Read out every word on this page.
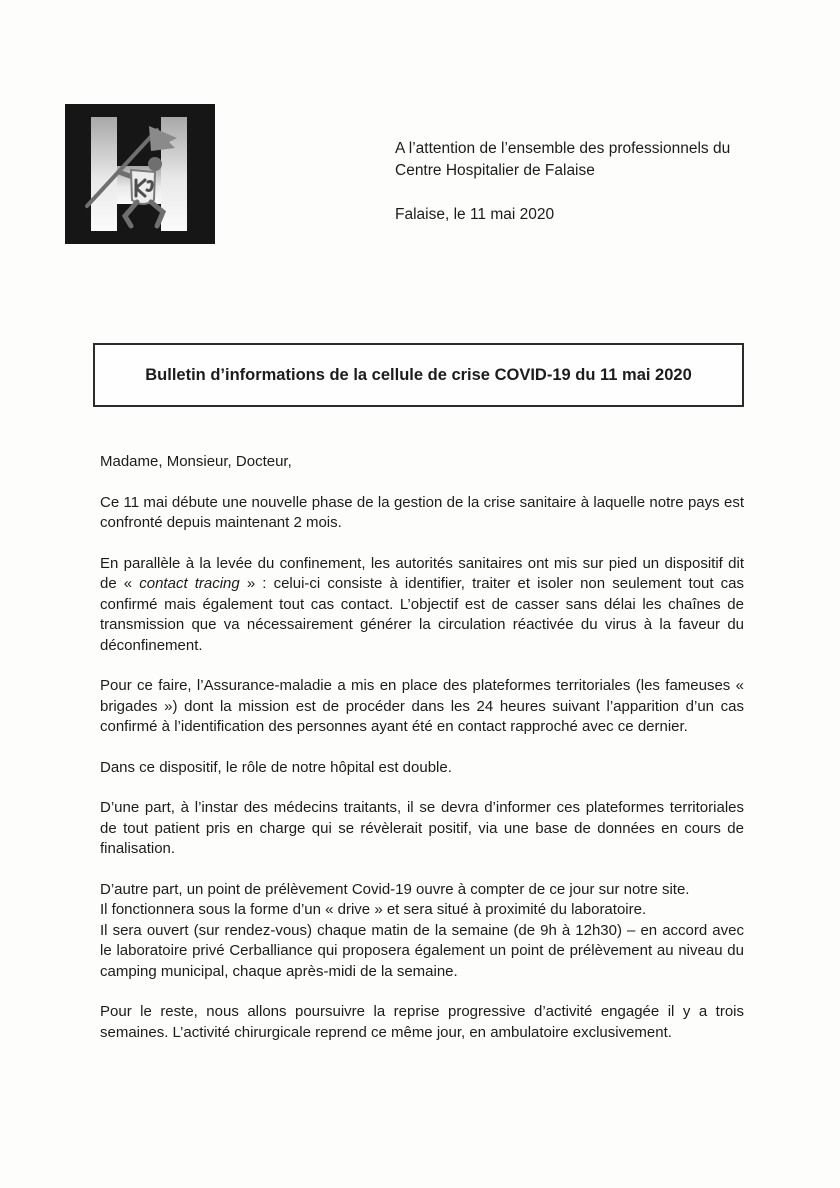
A l’attention de l’ensemble des professionnels du
Centre Hospitalier de Falaise
Falaise, le 11 mai 2020
Bulletin d’informations de la cellule de crise COVID-19 du 11 mai 2020

Madame, Monsieur, Docteur,

Ce 11 mai débute une nouvelle phase de la gestion de la crise sanitaire à laquelle notre pays est confronté depuis maintenant 2 mois.

En parallèle à la levée du confinement, les autorités sanitaires ont mis sur pied un dispositif dit de « contact tracing » : celui-ci consiste à identifier, traiter et isoler non seulement tout cas confirmé mais également tout cas contact. L’objectif est de casser sans délai les chaînes de transmission que va nécessairement générer la circulation réactivée du virus à la faveur du déconfinement.

Pour ce faire, l’Assurance-maladie a mis en place des plateformes territoriales (les fameuses « brigades ») dont la mission est de procéder dans les 24 heures suivant l’apparition d’un cas confirmé à l’identification des personnes ayant été en contact rapproché avec ce dernier.

Dans ce dispositif, le rôle de notre hôpital est double.

D’une part, à l’instar des médecins traitants, il se devra d’informer ces plateformes territoriales de tout patient pris en charge qui se révèlerait positif, via une base de données en cours de finalisation.

D’autre part, un point de prélèvement Covid-19 ouvre à compter de ce jour sur notre site.
Il fonctionnera sous la forme d’un « drive » et sera situé à proximité du laboratoire.
Il sera ouvert (sur rendez-vous) chaque matin de la semaine (de 9h à 12h30) – en accord avec le laboratoire privé Cerballiance qui proposera également un point de prélèvement au niveau du camping municipal, chaque après-midi de la semaine.

Pour le reste, nous allons poursuivre la reprise progressive d’activité engagée il y a trois semaines. L’activité chirurgicale reprend ce même jour, en ambulatoire exclusivement.
